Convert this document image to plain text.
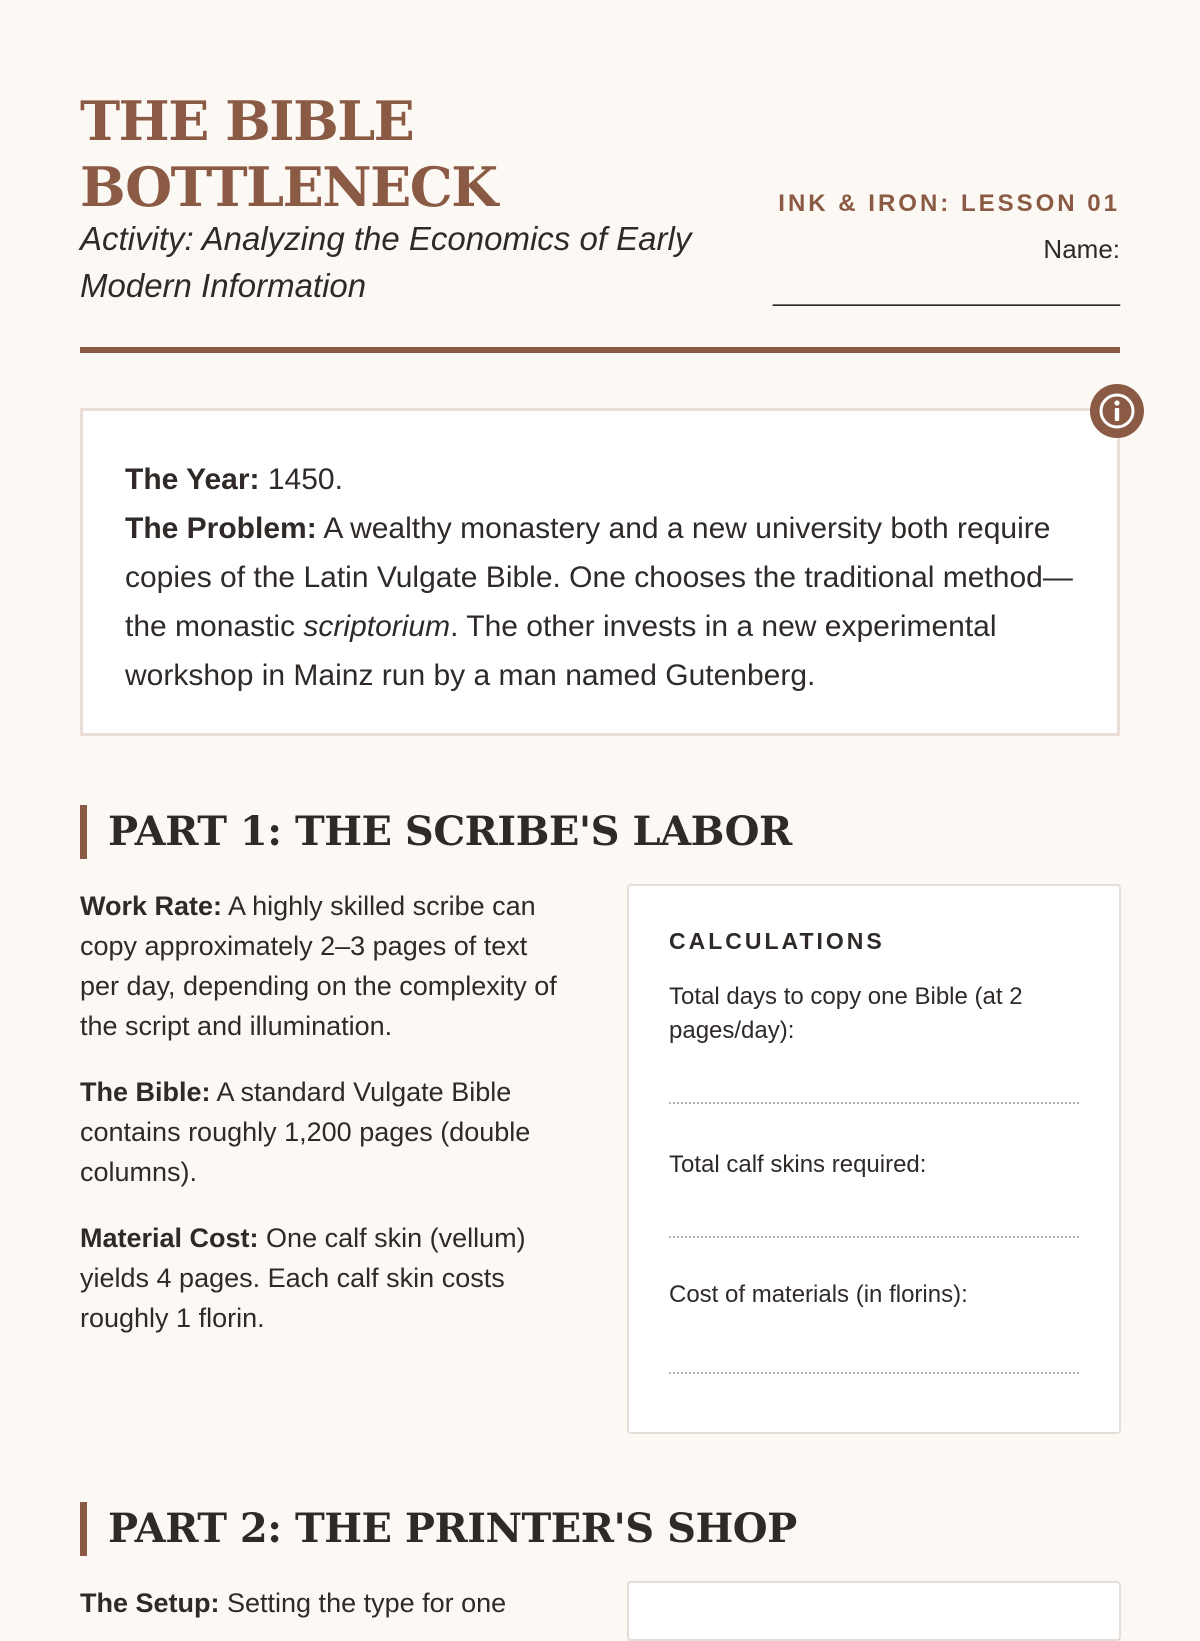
THE BIBLE
BOTTLENECK
Activity: Analyzing the Economics of Early Modern Information
INK & IRON: LESSON 01
Name:
________________________
The Year: 1450.
The Problem: A wealthy monastery and a new university both require copies of the Latin Vulgate Bible. One chooses the traditional method—the monastic scriptorium. The other invests in a new experimental workshop in Mainz run by a man named Gutenberg.
PART 1: THE SCRIBE'S LABOR

Work Rate: A highly skilled scribe can copy approximately 2–3 pages of text per day, depending on the complexity of the script and illumination.

The Bible: A standard Vulgate Bible contains roughly 1,200 pages (double columns).

Material Cost: One calf skin (vellum) yields 4 pages. Each calf skin costs roughly 1 florin.

CALCULATIONS
Total days to copy one Bible (at 2 pages/day):
Total calf skins required:
Cost of materials (in florins):
PART 2: THE PRINTER'S SHOP
The Setup: Setting the type for one
